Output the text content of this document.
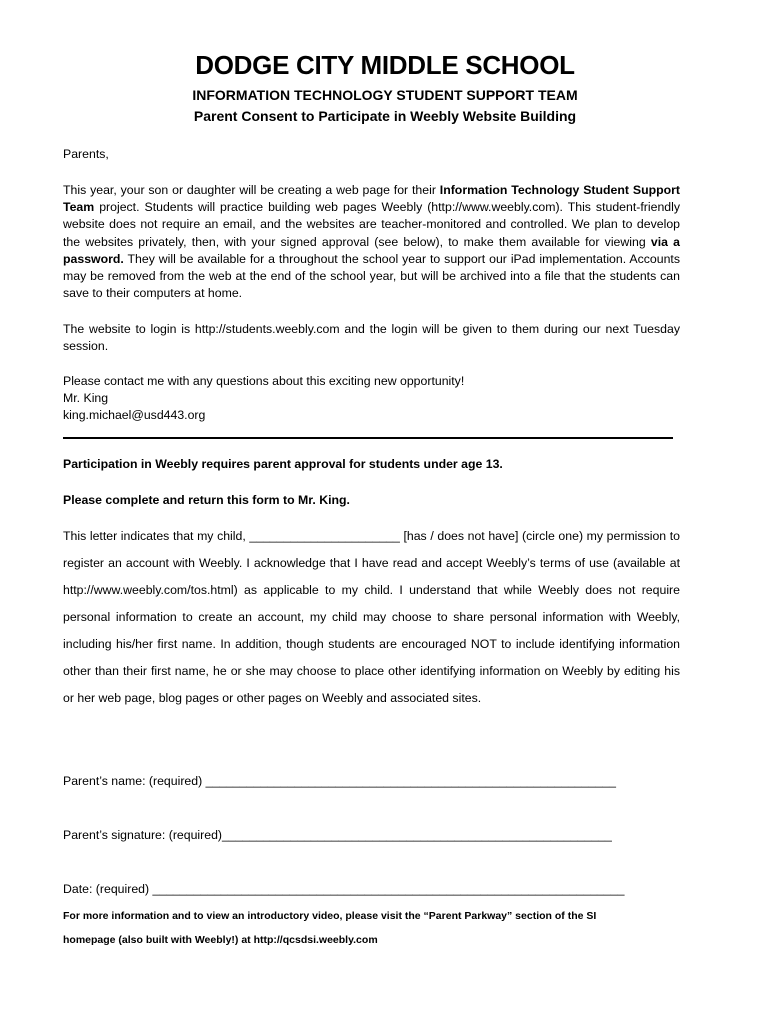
DODGE CITY MIDDLE SCHOOL
INFORMATION TECHNOLOGY STUDENT SUPPORT TEAM
Parent Consent to Participate in Weebly Website Building
Parents,
This year, your son or daughter will be creating a web page for their Information Technology Student Support Team project. Students will practice building web pages Weebly (http://www.weebly.com). This student-friendly website does not require an email, and the websites are teacher-monitored and controlled. We plan to develop the websites privately, then, with your signed approval (see below), to make them available for viewing via a password. They will be available for a throughout the school year to support our iPad implementation. Accounts may be removed from the web at the end of the school year, but will be archived into a file that the students can save to their computers at home.
The website to login is http://students.weebly.com and the login will be given to them during our next Tuesday session.
Please contact me with any questions about this exciting new opportunity!
Mr. King
king.michael@usd443.org
Participation in Weebly requires parent approval for students under age 13.
Please complete and return this form to Mr. King.
This letter indicates that my child, ______________________ [has / does not have] (circle one) my permission to register an account with Weebly. I acknowledge that I have read and accept Weebly’s terms of use (available at http://www.weebly.com/tos.html) as applicable to my child. I understand that while Weebly does not require personal information to create an account, my child may choose to share personal information with Weebly, including his/her first name. In addition, though students are encouraged NOT to include identifying information other than their first name, he or she may choose to place other identifying information on Weebly by editing his or her web page, blog pages or other pages on Weebly and associated sites.
Parent’s name: (required) ____________________________________________________________
Parent’s signature: (required)_________________________________________________________
Date: (required) _____________________________________________________________________
For more information and to view an introductory video, please visit the “Parent Parkway” section of the SI
homepage (also built with Weebly!) at http://qcsdsi.weebly.com
